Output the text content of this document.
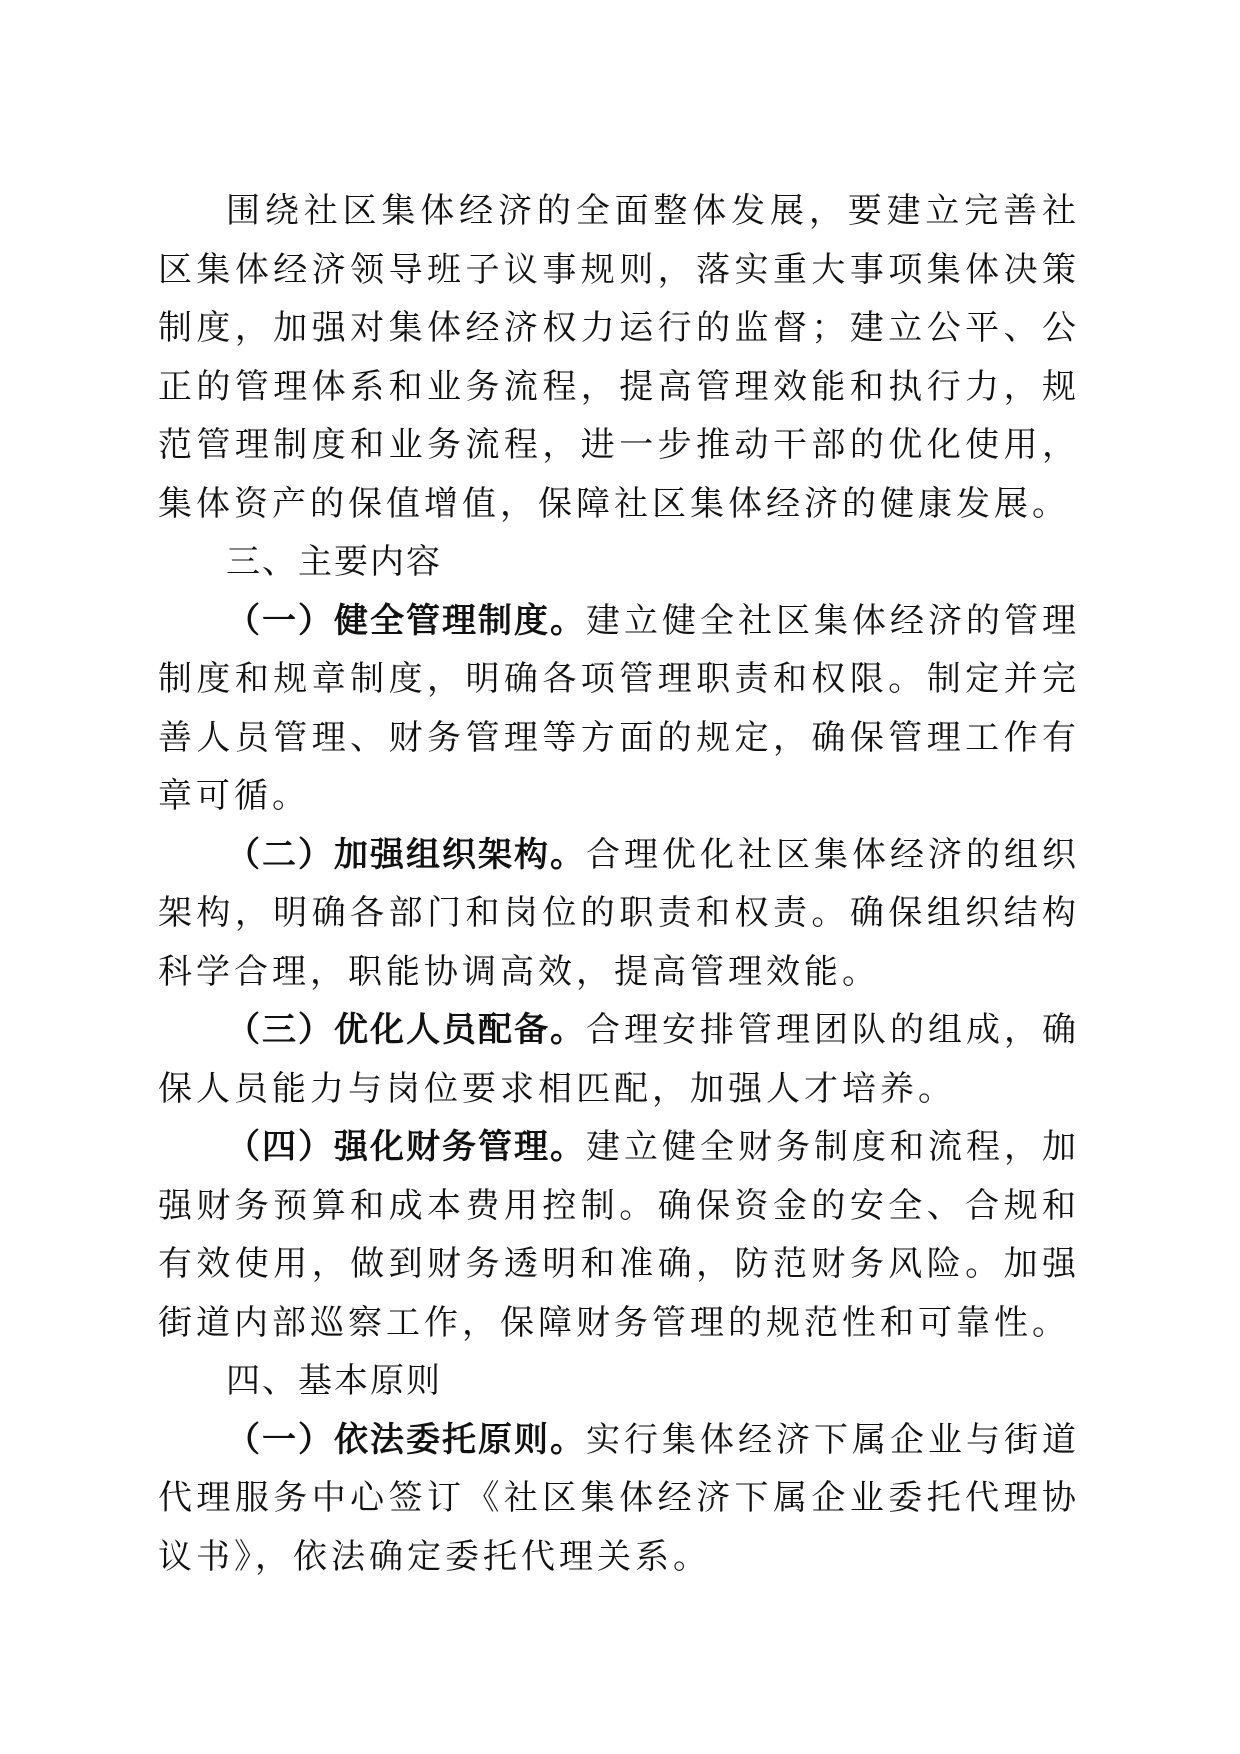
围绕社区集体经济的全面整体发展，要建立完善社区集体经济领导班子议事规则，落实重大事项集体决策制度，加强对集体经济权力运行的监督；建立公平、公正的管理体系和业务流程，提高管理效能和执行力，规范管理制度和业务流程，进一步推动干部的优化使用，集体资产的保值增值，保障社区集体经济的健康发展。

三、主要内容

（一）健全管理制度。建立健全社区集体经济的管理制度和规章制度，明确各项管理职责和权限。制定并完善人员管理、财务管理等方面的规定，确保管理工作有章可循。

（二）加强组织架构。合理优化社区集体经济的组织架构，明确各部门和岗位的职责和权责。确保组织结构科学合理，职能协调高效，提高管理效能。

（三）优化人员配备。合理安排管理团队的组成，确保人员能力与岗位要求相匹配，加强人才培养。

（四）强化财务管理。建立健全财务制度和流程，加强财务预算和成本费用控制。确保资金的安全、合规和有效使用，做到财务透明和准确，防范财务风险。加强街道内部巡察工作，保障财务管理的规范性和可靠性。

四、基本原则

（一）依法委托原则。实行集体经济下属企业与街道代理服务中心签订《社区集体经济下属企业委托代理协议书》，依法确定委托代理关系。
